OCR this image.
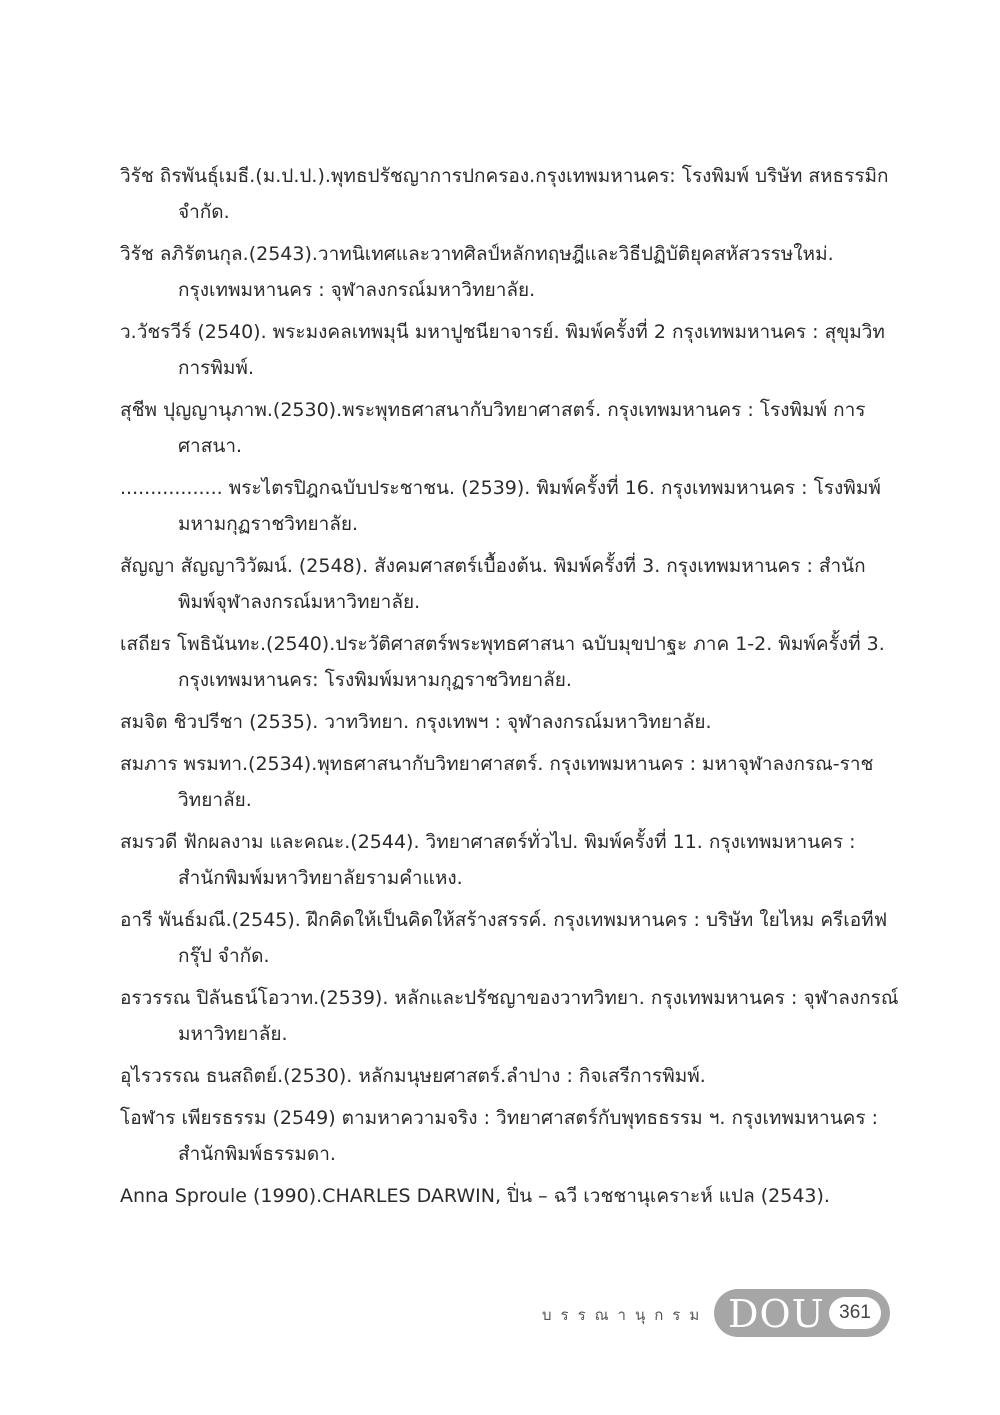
วิรัช ถิรพันธุ์เมธี.(ม.ป.ป.).พุทธปรัชญาการปกครอง.กรุงเทพมหานคร: โรงพิมพ์ บริษัท สหธรรมิก จำกัด.

วิรัช ลภิรัตนกุล.(2543).วาทนิเทศและวาทศิลป์หลักทฤษฎีและวิธีปฏิบัติยุคสหัสวรรษใหม่. กรุงเทพมหานคร : จุฬาลงกรณ์มหาวิทยาลัย.

ว.วัชรวีร์ (2540). พระมงคลเทพมุนี มหาปูชนียาจารย์. พิมพ์ครั้งที่ 2 กรุงเทพมหานคร : สุขุมวิท การพิมพ์.

สุชีพ ปุญญานุภาพ.(2530).พระพุทธศาสนากับวิทยาศาสตร์. กรุงเทพมหานคร : โรงพิมพ์ การศาสนา.

................. พระไตรปิฎกฉบับประชาชน. (2539). พิมพ์ครั้งที่ 16. กรุงเทพมหานคร : โรงพิมพ์ มหามกุฏราชวิทยาลัย.

สัญญา สัญญาวิวัฒน์. (2548). สังคมศาสตร์เบื้องต้น. พิมพ์ครั้งที่ 3. กรุงเทพมหานคร : สำนักพิมพ์จุฬาลงกรณ์มหาวิทยาลัย.

เสถียร โพธินันทะ.(2540).ประวัติศาสตร์พระพุทธศาสนา ฉบับมุขปาฐะ ภาค 1-2. พิมพ์ครั้งที่ 3. กรุงเทพมหานคร: โรงพิมพ์มหามกุฏราชวิทยาลัย.

สมจิต ชิวปรีชา (2535). วาทวิทยา. กรุงเทพฯ : จุฬาลงกรณ์มหาวิทยาลัย.

สมภาร พรมทา.(2534).พุทธศาสนากับวิทยาศาสตร์. กรุงเทพมหานคร : มหาจุฬาลงกรณ-ราชวิทยาลัย.

สมรวดี ฟักผลงาม และคณะ.(2544). วิทยาศาสตร์ทั่วไป. พิมพ์ครั้งที่ 11. กรุงเทพมหานคร : สำนักพิมพ์มหาวิทยาลัยรามคำแหง.

อารี พันธ์มณี.(2545). ฝึกคิดให้เป็นคิดให้สร้างสรรค์. กรุงเทพมหานคร : บริษัท ใยไหม ครีเอทีฟ กรุ๊ป จำกัด.

อรวรรณ ปิลันธน์โอวาท.(2539). หลักและปรัชญาของวาทวิทยา. กรุงเทพมหานคร : จุฬาลงกรณ์ มหาวิทยาลัย.

อุไรวรรณ ธนสถิตย์.(2530). หลักมนุษยศาสตร์.ลำปาง : กิจเสรีการพิมพ์.

โอฬาร เพียรธรรม (2549) ตามหาความจริง : วิทยาศาสตร์กับพุทธธรรม ฯ. กรุงเทพมหานคร : สำนักพิมพ์ธรรมดา.

Anna Sproule (1990).CHARLES DARWIN, ปิ่น – ฉวี เวชชานุเคราะห์ แปล (2543).

บรรณานุกรม DOU 361
